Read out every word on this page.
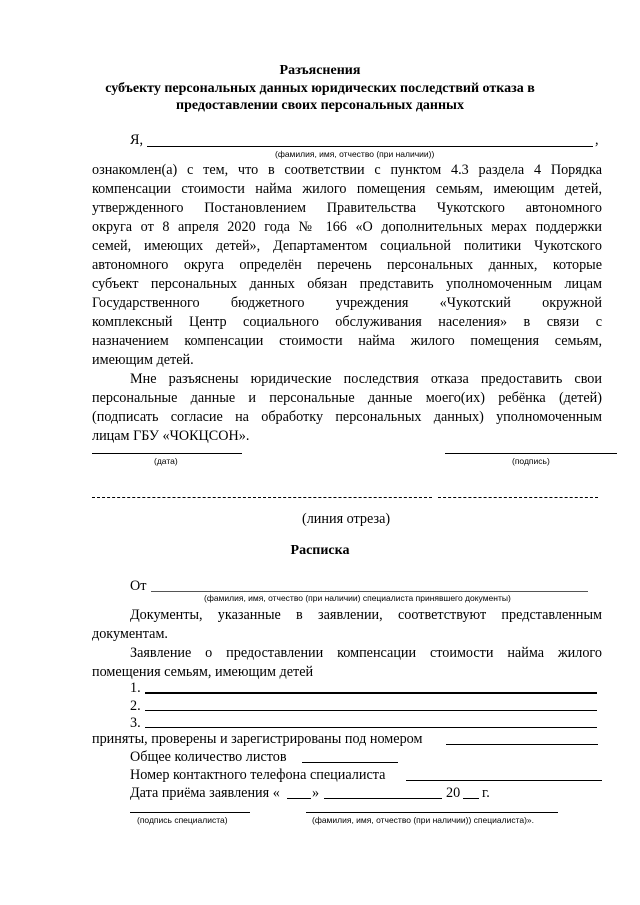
Разъяснения
субъекту персональных данных юридических последствий отказа в
предоставлении своих персональных данных
Я,	,
(фамилия, имя, отчество (при наличии))
ознакомлен(а) с тем, что в соответствии с пунктом 4.3 раздела 4 Порядка
компенсации стоимости найма жилого помещения семьям, имеющим детей,
утвержденного Постановлением Правительства Чукотского автономного
округа от 8 апреля 2020 года № 166 «О дополнительных мерах поддержки
семей, имеющих детей», Департаментом социальной политики Чукотского
автономного округа определён перечень персональных данных, которые
субъект персональных данных обязан представить уполномоченным лицам
Государственного бюджетного учреждения «Чукотский окружной
комплексный Центр социального обслуживания населения» в связи с
назначением компенсации стоимости найма жилого помещения семьям,
имеющим детей.
Мне разъяснены юридические последствия отказа предоставить свои
персональные данные и персональные данные моего(их) ребёнка (детей)
(подписать согласие на обработку персональных данных) уполномоченным
лицам ГБУ «ЧОКЦСОН».
(дата)	(подпись)
(линия отреза)
Расписка
От
(фамилия, имя, отчество (при наличии) специалиста принявшего документы)
Документы, указанные в заявлении, соответствуют представленным
документам.
Заявление о предоставлении компенсации стоимости найма жилого
помещения семьям, имеющим детей
1.
2.
3.
приняты, проверены и зарегистрированы под номером
Общее количество листов
Номер контактного телефона специалиста
Дата приёма заявления « »	20 г.
(подпись специалиста)	(фамилия, имя, отчество (при наличии)) специалиста)».
